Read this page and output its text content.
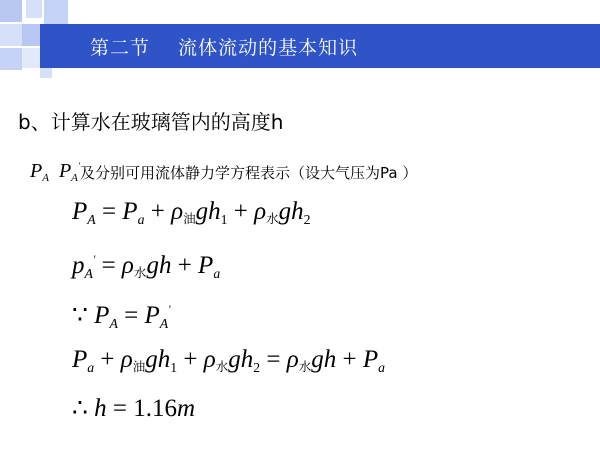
第二节    流体流动的基本知识
b、计算水在玻璃管内的高度h
$P_A$  $P_A'$ 及分别可用流体静力学方程表示（设大气压为Pa ）
$P_A = P_a + \rho$油$gh_1 + \rho$水$gh_2$
$p_A' = \rho$水gh + $P_a$
∵ $P_A = P_A'$
$P_a + \rho$油$gh_1 + \rho$水$gh_2 = \rho$水gh + $P_a$
∴ h = 1.16m
